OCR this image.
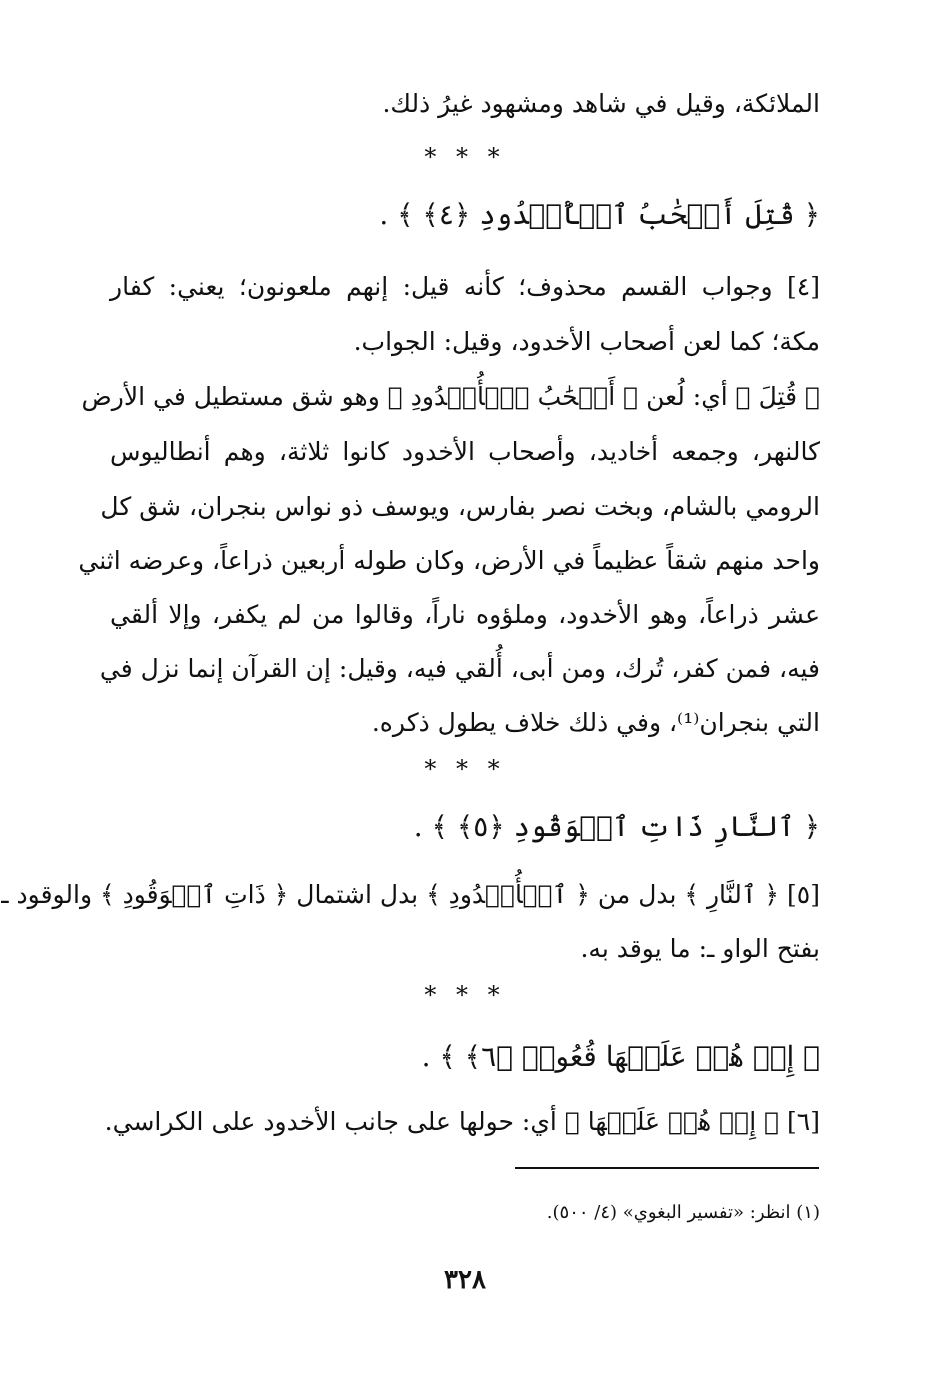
الملائكة، وقيل في شاهد ومشهود غيرُ ذلك.
* * *
﴿ قُتِلَ أَصۡحَٰبُ ٱلۡأُخۡدُودِ ﴿٤﴾ ﴾ .
[٤] وجواب القسم محذوف؛ كأنه قيل: إنهم ملعونون؛ يعني: كفار
مكة؛ كما لعن أصحاب الأخدود، وقيل: الجواب.
﴿ قُتِلَ ﴾ أي: لُعن ﴿ أَصۡحَٰبُ ٱلۡأُخۡدُودِ ﴾ وهو شق مستطيل في الأرض
كالنهر، وجمعه أخاديد، وأصحاب الأخدود كانوا ثلاثة، وهم أنطاليوس
الرومي بالشام، وبخت نصر بفارس، ويوسف ذو نواس بنجران، شق كل
واحد منهم شقاً عظيماً في الأرض، وكان طوله أربعين ذراعاً، وعرضه اثني
عشر ذراعاً، وهو الأخدود، وملؤوه ناراً، وقالوا من لم يكفر، وإلا ألقي
فيه، فمن كفر، تُرك، ومن أبى، أُلقي فيه، وقيل: إن القرآن إنما نزل في
التي بنجران⁽¹⁾، وفي ذلك خلاف يطول ذكره.
* * *
﴿ ٱلنَّارِ ذَاتِ ٱلۡوَقُودِ ﴿٥﴾ ﴾ .
[٥] ﴿ ٱلنَّارِ ﴾ بدل من ﴿ ٱلۡأُخۡدُودِ ﴾ بدل اشتمال ﴿ ذَاتِ ٱلۡوَقُودِ ﴾ والوقود ـ
بفتح الواو ـ: ما يوقد به.
* * *
﴿ إِذۡ هُمۡ عَلَيۡهَا قُعُودٞ ﴿٦﴾ ﴾ .
[٦] ﴿ إِذۡ هُمۡ عَلَيۡهَا ﴾ أي: حولها على جانب الأخدود على الكراسي.
(١) انظر: «تفسير البغوي» (٤/ ٥٠٠).
٣٢٨
